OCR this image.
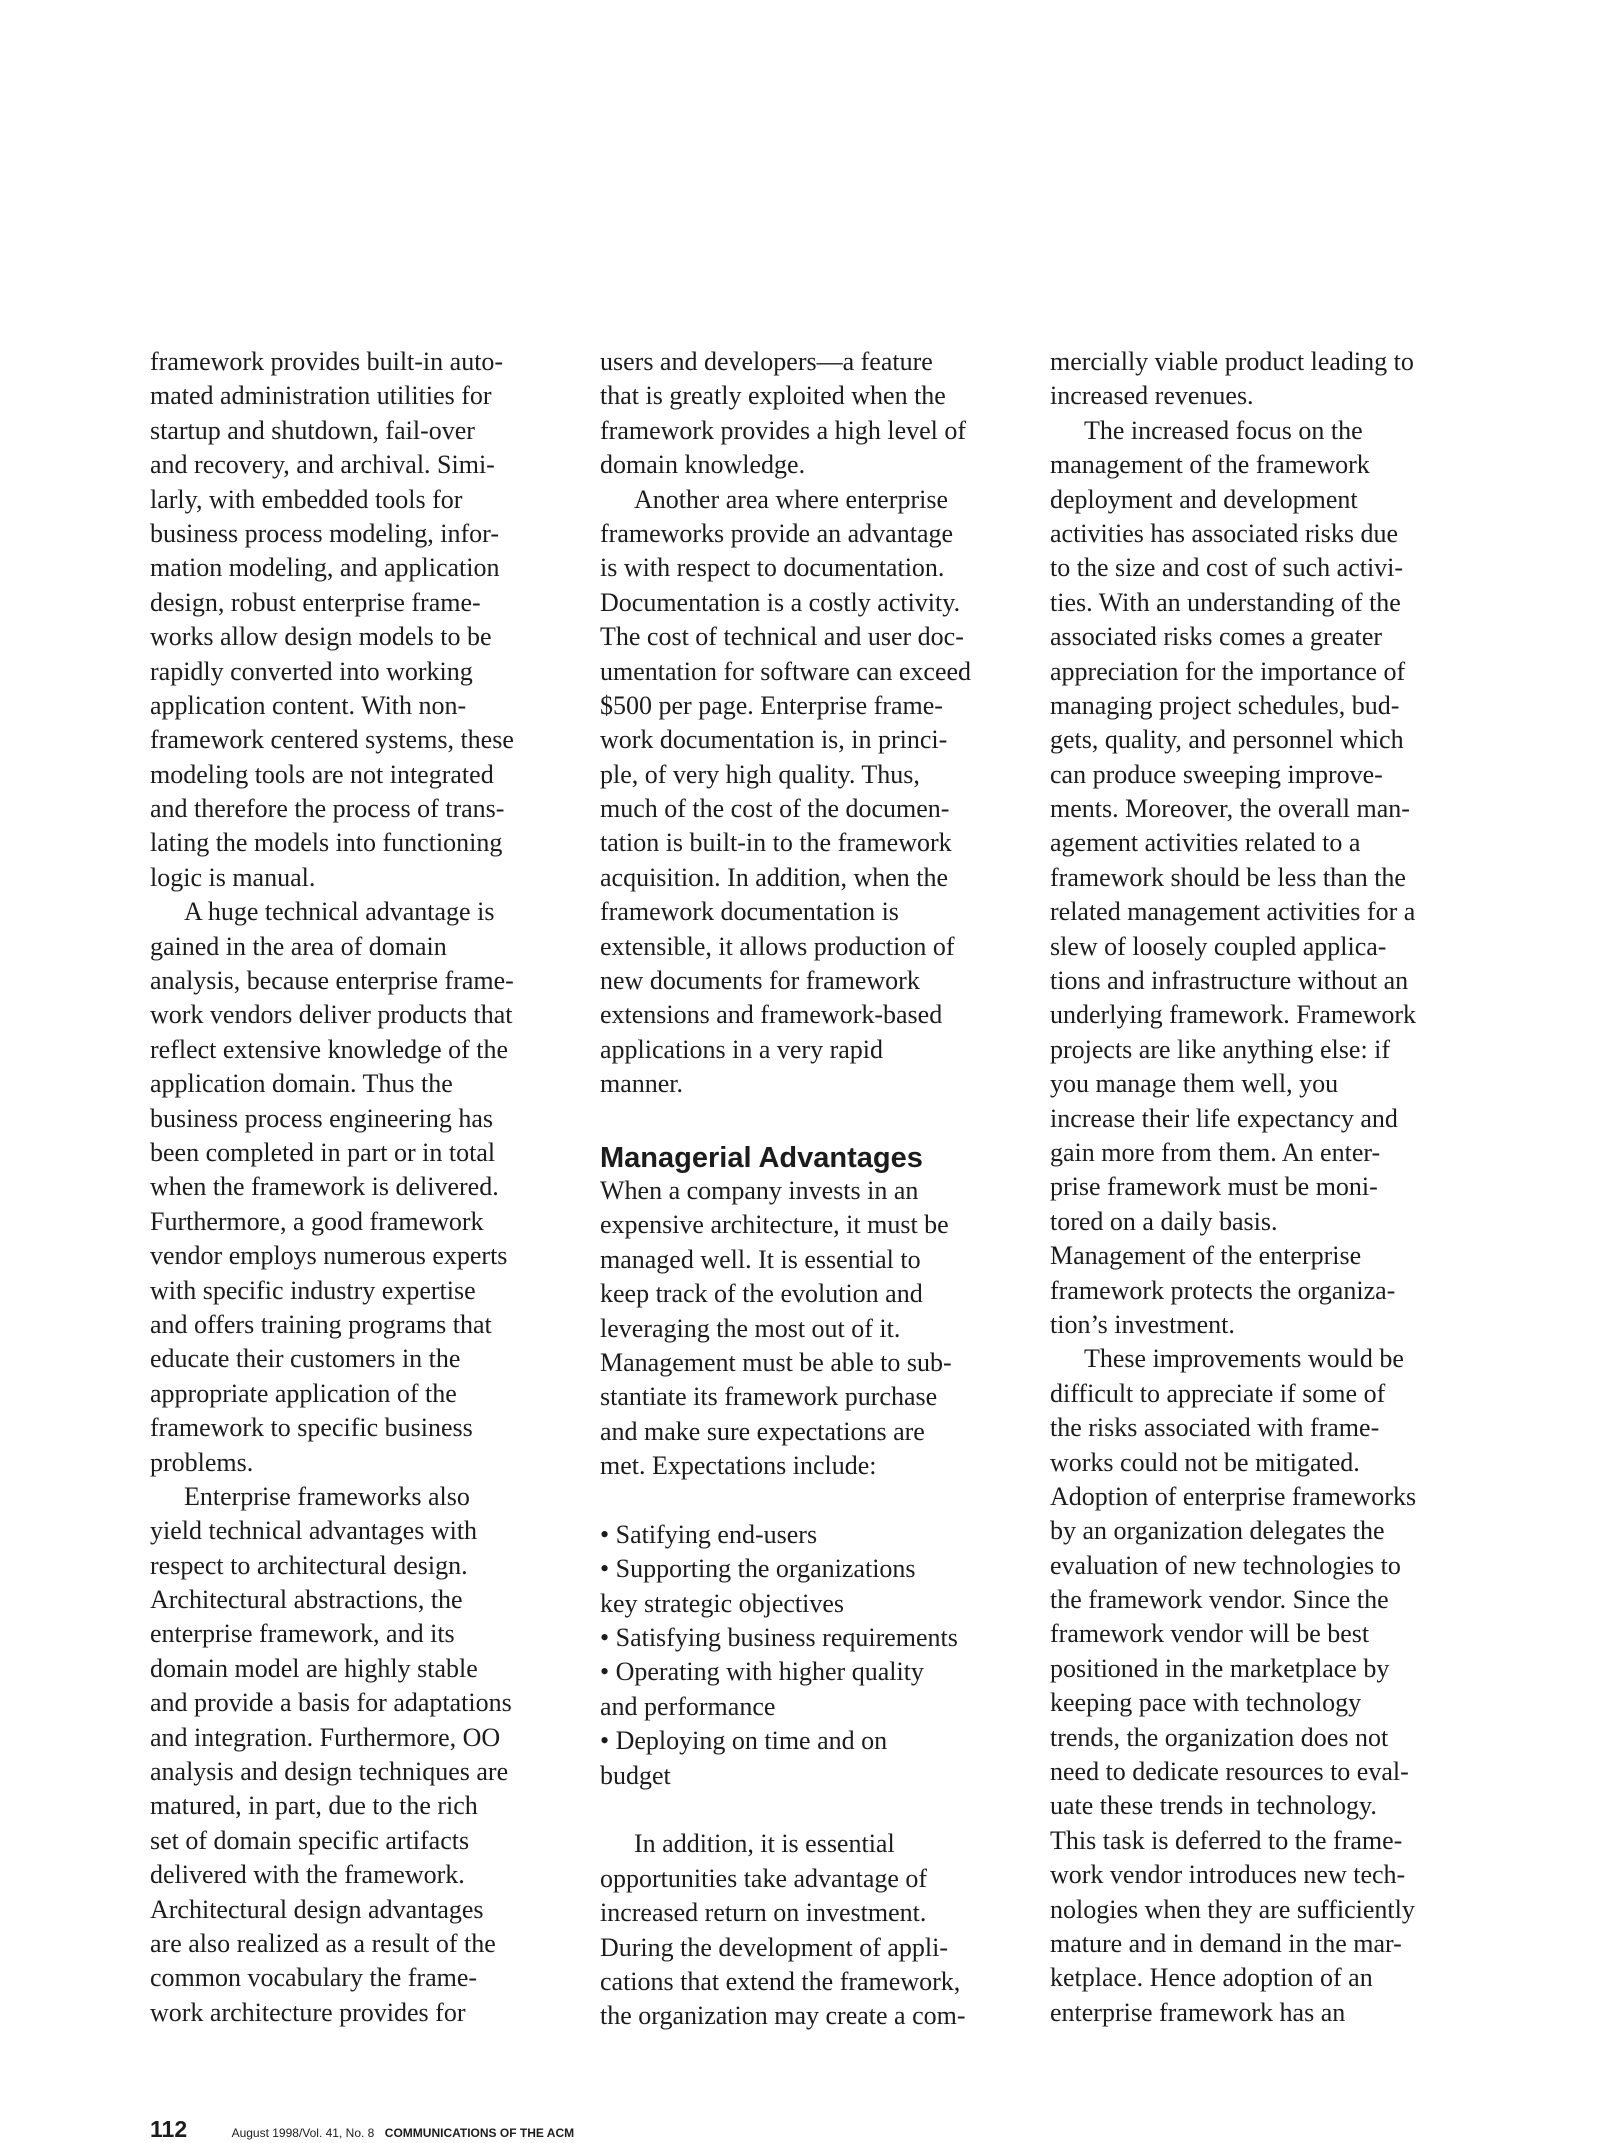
framework provides built-in auto-
mated administration utilities for
startup and shutdown, fail-over
and recovery, and archival. Simi-
larly, with embedded tools for
business process modeling, infor-
mation modeling, and application
design, robust enterprise frame-
works allow design models to be
rapidly converted into working
application content. With non-
framework centered systems, these
modeling tools are not integrated
and therefore the process of trans-
lating the models into functioning
logic is manual.
A huge technical advantage is
gained in the area of domain
analysis, because enterprise frame-
work vendors deliver products that
reflect extensive knowledge of the
application domain. Thus the
business process engineering has
been completed in part or in total
when the framework is delivered.
Furthermore, a good framework
vendor employs numerous experts
with specific industry expertise
and offers training programs that
educate their customers in the
appropriate application of the
framework to specific business
problems.
Enterprise frameworks also
yield technical advantages with
respect to architectural design.
Architectural abstractions, the
enterprise framework, and its
domain model are highly stable
and provide a basis for adaptations
and integration. Furthermore, OO
analysis and design techniques are
matured, in part, due to the rich
set of domain specific artifacts
delivered with the framework.
Architectural design advantages
are also realized as a result of the
common vocabulary the frame-
work architecture provides for
users and developers—a feature
that is greatly exploited when the
framework provides a high level of
domain knowledge.
Another area where enterprise
frameworks provide an advantage
is with respect to documentation.
Documentation is a costly activity.
The cost of technical and user doc-
umentation for software can exceed
$500 per page. Enterprise frame-
work documentation is, in princi-
ple, of very high quality. Thus,
much of the cost of the documen-
tation is built-in to the framework
acquisition. In addition, when the
framework documentation is
extensible, it allows production of
new documents for framework
extensions and framework-based
applications in a very rapid
manner.
Managerial Advantages
When a company invests in an
expensive architecture, it must be
managed well. It is essential to
keep track of the evolution and
leveraging the most out of it.
Management must be able to sub-
stantiate its framework purchase
and make sure expectations are
met. Expectations include:
• Satifying end-users
• Supporting the organizations
key strategic objectives
• Satisfying business requirements
• Operating with higher quality
and performance
• Deploying on time and on
budget
In addition, it is essential
opportunities take advantage of
increased return on investment.
During the development of appli-
cations that extend the framework,
the organization may create a com-
mercially viable product leading to
increased revenues.
The increased focus on the
management of the framework
deployment and development
activities has associated risks due
to the size and cost of such activi-
ties. With an understanding of the
associated risks comes a greater
appreciation for the importance of
managing project schedules, bud-
gets, quality, and personnel which
can produce sweeping improve-
ments. Moreover, the overall man-
agement activities related to a
framework should be less than the
related management activities for a
slew of loosely coupled applica-
tions and infrastructure without an
underlying framework. Framework
projects are like anything else: if
you manage them well, you
increase their life expectancy and
gain more from them. An enter-
prise framework must be moni-
tored on a daily basis.
Management of the enterprise
framework protects the organiza-
tion’s investment.
These improvements would be
difficult to appreciate if some of
the risks associated with frame-
works could not be mitigated.
Adoption of enterprise frameworks
by an organization delegates the
evaluation of new technologies to
the framework vendor. Since the
framework vendor will be best
positioned in the marketplace by
keeping pace with technology
trends, the organization does not
need to dedicate resources to eval-
uate these trends in technology.
This task is deferred to the frame-
work vendor introduces new tech-
nologies when they are sufficiently
mature and in demand in the mar-
ketplace. Hence adoption of an
enterprise framework has an
112	August 1998/Vol. 41, No. 8 COMMUNICATIONS OF THE ACM
